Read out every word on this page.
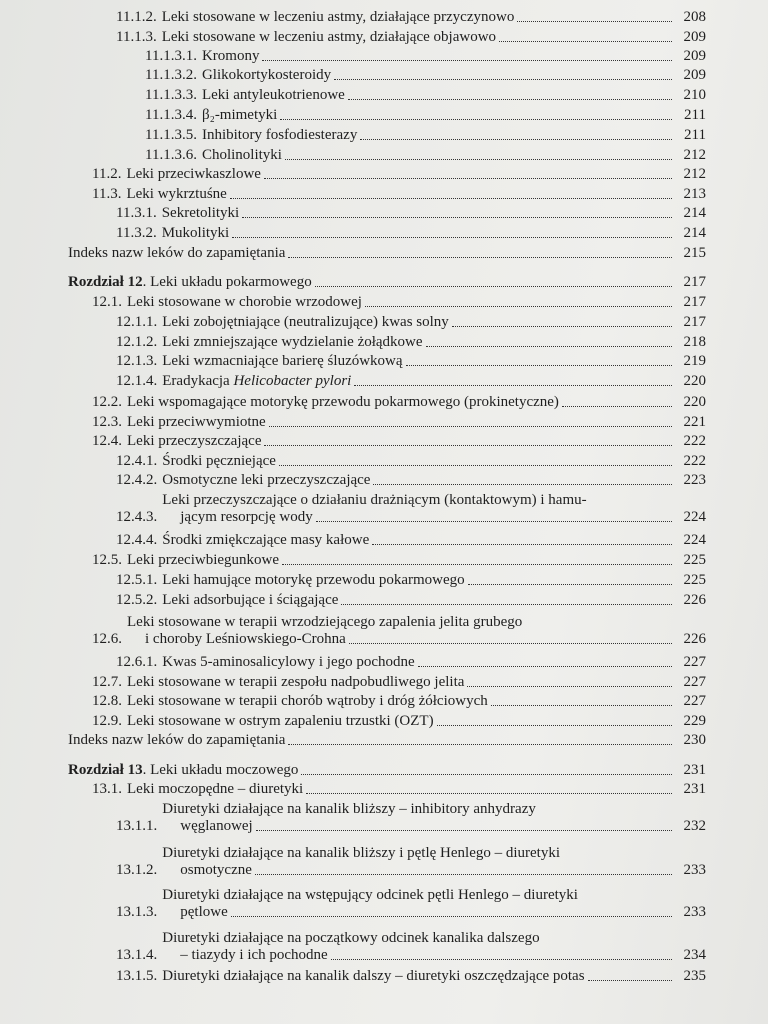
11.1.2. Leki stosowane w leczeniu astmy, działające przyczynowo	208
11.1.3. Leki stosowane w leczeniu astmy, działające objawowo	209
11.1.3.1. Kromony	209
11.1.3.2. Glikokortykosteroidy	209
11.1.3.3. Leki antyleukotrienowe	210
11.1.3.4. β₂-mimetyki	211
11.1.3.5. Inhibitory fosfodiesterazy	211
11.1.3.6. Cholinolityki	212
11.2. Leki przeciwkaszlowe	212
11.3. Leki wykrztuśne	213
11.3.1. Sekretolityki	214
11.3.2. Mukolityki	214
Indeks nazw leków do zapamiętania	215
Rozdział 12 . Leki układu pokarmowego	217
12.1. Leki stosowane w chorobie wrzodowej	217
12.1.1. Leki zobojętniające (neutralizujące) kwas solny	217
12.1.2. Leki zmniejszające wydzielanie żołądkowe	218
12.1.3. Leki wzmacniające barierę śluzówkową	219
12.1.4. Eradykacja Helicobacter pylori	220
12.2. Leki wspomagające motorykę przewodu pokarmowego (prokinetyczne)	220
12.3. Leki przeciwwymiotne	221
12.4. Leki przeczyszczające	222
12.4.1. Środki pęczniejące	222
12.4.2. Osmotyczne leki przeczyszczające	223
12.4.3.
Leki przeczyszczające o działaniu drażniącym (kontaktowym) i hamu-
jącym resorpcję wody	224
12.4.4. Środki zmiękczające masy kałowe	224
12.5. Leki przeciwbiegunkowe	225
12.5.1. Leki hamujące motorykę przewodu pokarmowego	225
12.5.2. Leki adsorbujące i ściągające	226
12.6.
Leki stosowane w terapii wrzodziejącego zapalenia jelita grubego
i choroby Leśniowskiego-Crohna	226
12.6.1. Kwas 5-aminosalicylowy i jego pochodne	227
12.7. Leki stosowane w terapii zespołu nadpobudliwego jelita	227
12.8. Leki stosowane w terapii chorób wątroby i dróg żółciowych	227
12.9. Leki stosowane w ostrym zapaleniu trzustki (OZT)	229
Indeks nazw leków do zapamiętania	230
Rozdział 13 . Leki układu moczowego	231
13.1. Leki moczopędne – diuretyki	231
13.1.1.
Diuretyki działające na kanalik bliższy – inhibitory anhydrazy
węglanowej	232
13.1.2.
Diuretyki działające na kanalik bliższy i pętlę Henlego – diuretyki
osmotyczne	233
13.1.3.
Diuretyki działające na wstępujący odcinek pętli Henlego – diuretyki
pętlowe	233
13.1.4.
Diuretyki działające na początkowy odcinek kanalika dalszego
– tiazydy i ich pochodne	234
13.1.5. Diuretyki działające na kanalik dalszy – diuretyki oszczędzające potas	235
